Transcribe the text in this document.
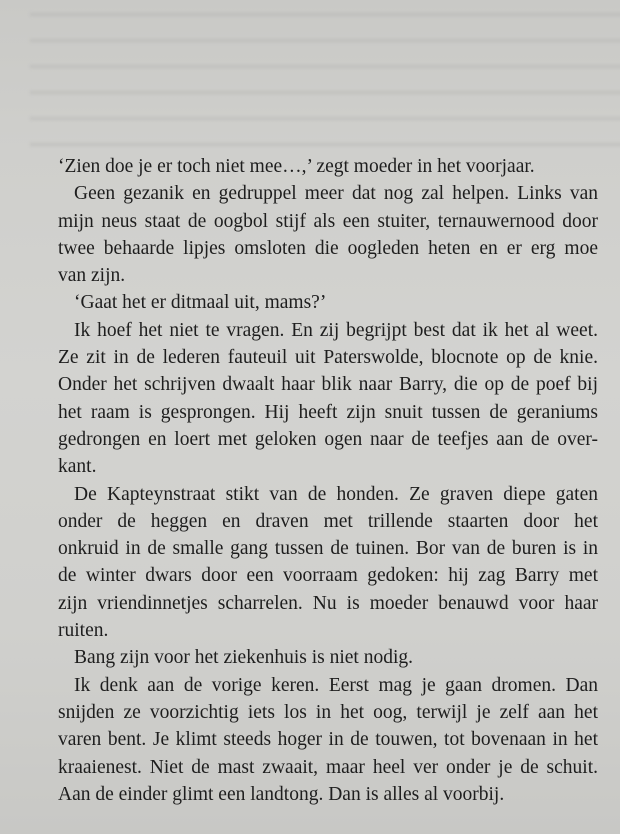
‘Zien doe je er toch niet mee…,’ zegt moeder in het voorjaar.
Geen gezanik en gedruppel meer dat nog zal helpen. Links van
mijn neus staat de oogbol stijf als een stuiter, ternauwernood door
twee behaarde lipjes omsloten die oogleden heten en er erg moe
van zijn.
‘Gaat het er ditmaal uit, mams?’
Ik hoef het niet te vragen. En zij begrijpt best dat ik het al weet.
Ze zit in de lederen fauteuil uit Paterswolde, blocnote op de knie.
Onder het schrijven dwaalt haar blik naar Barry, die op de poef bij
het raam is gesprongen. Hij heeft zijn snuit tussen de geraniums
gedrongen en loert met geloken ogen naar de teefjes aan de over-
kant.
De Kapteynstraat stikt van de honden. Ze graven diepe gaten
onder de heggen en draven met trillende staarten door het
onkruid in de smalle gang tussen de tuinen. Bor van de buren is in
de winter dwars door een voorraam gedoken: hij zag Barry met
zijn vriendinnetjes scharrelen. Nu is moeder benauwd voor haar
ruiten.
Bang zijn voor het ziekenhuis is niet nodig.
Ik denk aan de vorige keren. Eerst mag je gaan dromen. Dan
snijden ze voorzichtig iets los in het oog, terwijl je zelf aan het
varen bent. Je klimt steeds hoger in de touwen, tot bovenaan in het
kraaienest. Niet de mast zwaait, maar heel ver onder je de schuit.
Aan de einder glimt een landtong. Dan is alles al voorbij.
